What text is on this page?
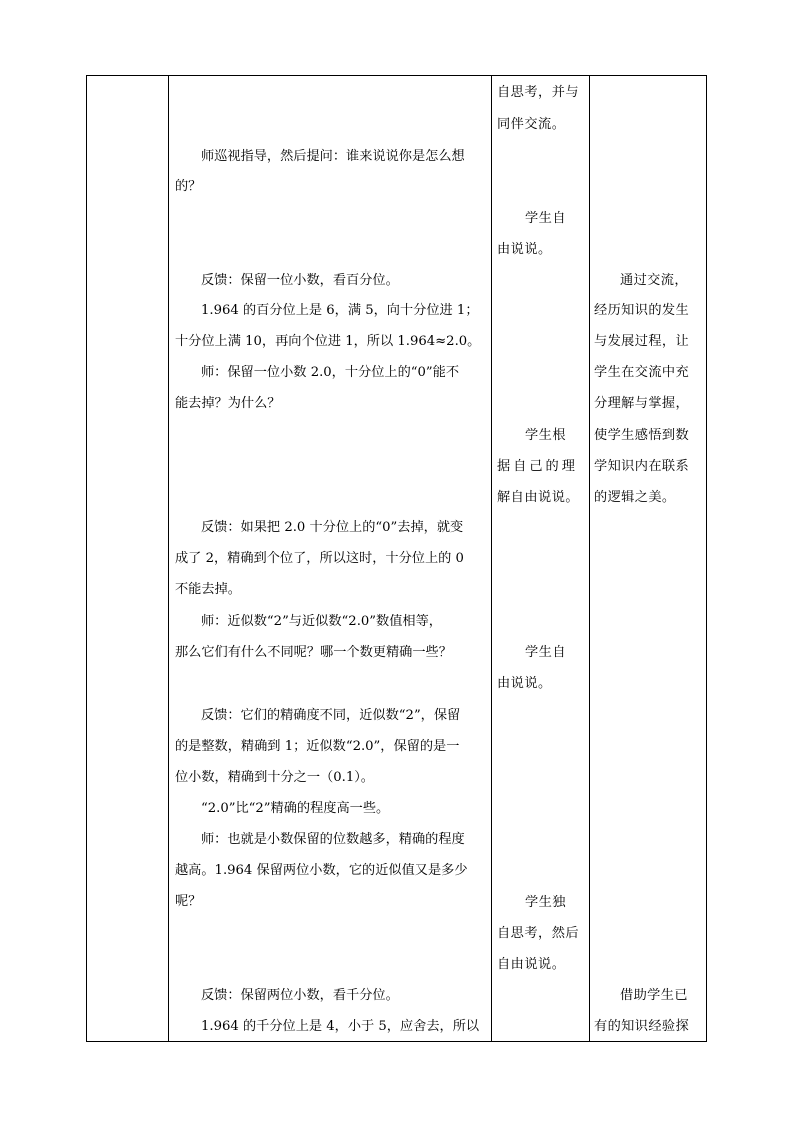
师巡视指导，然后提问：谁来说说你是怎么想
的？
反馈：保留一位小数，看百分位。
1.964 的百分位上是 6，满 5，向十分位进 1；
十分位上满 10，再向个位进 1，所以 1.964≈2.0。
师：保留一位小数 2.0，十分位上的“0”能不
能去掉？为什么？
反馈：如果把 2.0 十分位上的“0”去掉，就变
成了 2，精确到个位了，所以这时，十分位上的 0
不能去掉。
师：近似数“2”与近似数“2.0”数值相等，
那么它们有什么不同呢？哪一个数更精确一些？
反馈：它们的精确度不同，近似数“2”，保留
的是整数，精确到 1；近似数“2.0”，保留的是一
位小数，精确到十分之一（0.1）。
“2.0”比“2”精确的程度高一些。
师：也就是小数保留的位数越多，精确的程度
越高。1.964 保留两位小数，它的近似值又是多少
呢？
反馈：保留两位小数，看千分位。
1.964 的千分位上是 4，小于 5，应舍去，所以
自思考，并与
同伴交流。
学生自
由说说。
学生根
据自己的理
解自由说说。
学生自
由说说。
学生独
自思考，然后
自由说说。
通过交流，
经历知识的发生
与发展过程，让
学生在交流中充
分理解与掌握，
使学生感悟到数
学知识内在联系
的逻辑之美。
借助学生已
有的知识经验探
